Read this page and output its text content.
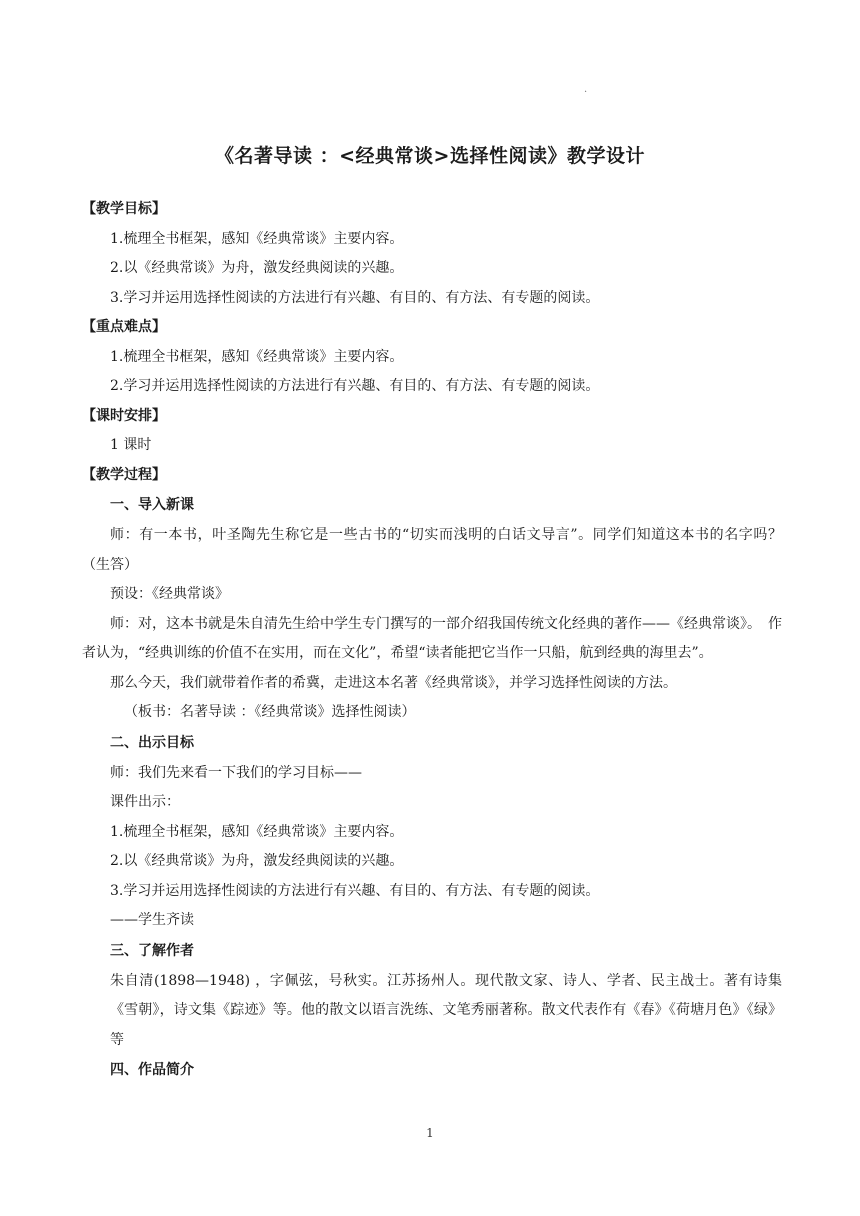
.
《名著导读 ：<经典常谈>选择性阅读》教学设计

【教学目标】

1.梳理全书框架，感知《经典常谈》主要内容。

2.以《经典常谈》为舟，激发经典阅读的兴趣。

3.学习并运用选择性阅读的方法进行有兴趣、有目的、有方法、有专题的阅读。

【重点难点】

1.梳理全书框架，感知《经典常谈》主要内容。

2.学习并运用选择性阅读的方法进行有兴趣、有目的、有方法、有专题的阅读。

【课时安排】

1 课时

【教学过程】

一、导入新课

师：有一本书，叶圣陶先生称它是一些古书的“切实而浅明的白话文导言”。同学们知道这本书的名字吗？（生答）

预设：《经典常谈》

师：对，这本书就是朱自清先生给中学生专门撰写的一部介绍我国传统文化经典的著作——《经典常谈》。　作者认为，“经典训练的价值不在实用，而在文化”，希望“读者能把它当作一只船，航到经典的海里去”。

那么今天，我们就带着作者的希冀，走进这本名著《经典常谈》，并学习选择性阅读的方法。

（板书：名著导读 ：《经典常谈》选择性阅读）

二、出示目标

师：我们先来看一下我们的学习目标——

课件出示：

1.梳理全书框架，感知《经典常谈》主要内容。

2.以《经典常谈》为舟，激发经典阅读的兴趣。

3.学习并运用选择性阅读的方法进行有兴趣、有目的、有方法、有专题的阅读。

——学生齐读

三、了解作者

朱自清(1898—1948) ，字佩弦，号秋实。江苏扬州人。现代散文家、诗人、学者、民主战士。著有诗集《雪朝》，诗文集《踪迹》等。他的散文以语言洗练、文笔秀丽著称。散文代表作有《春》《荷塘月色》《绿》等

四、作品简介

1
